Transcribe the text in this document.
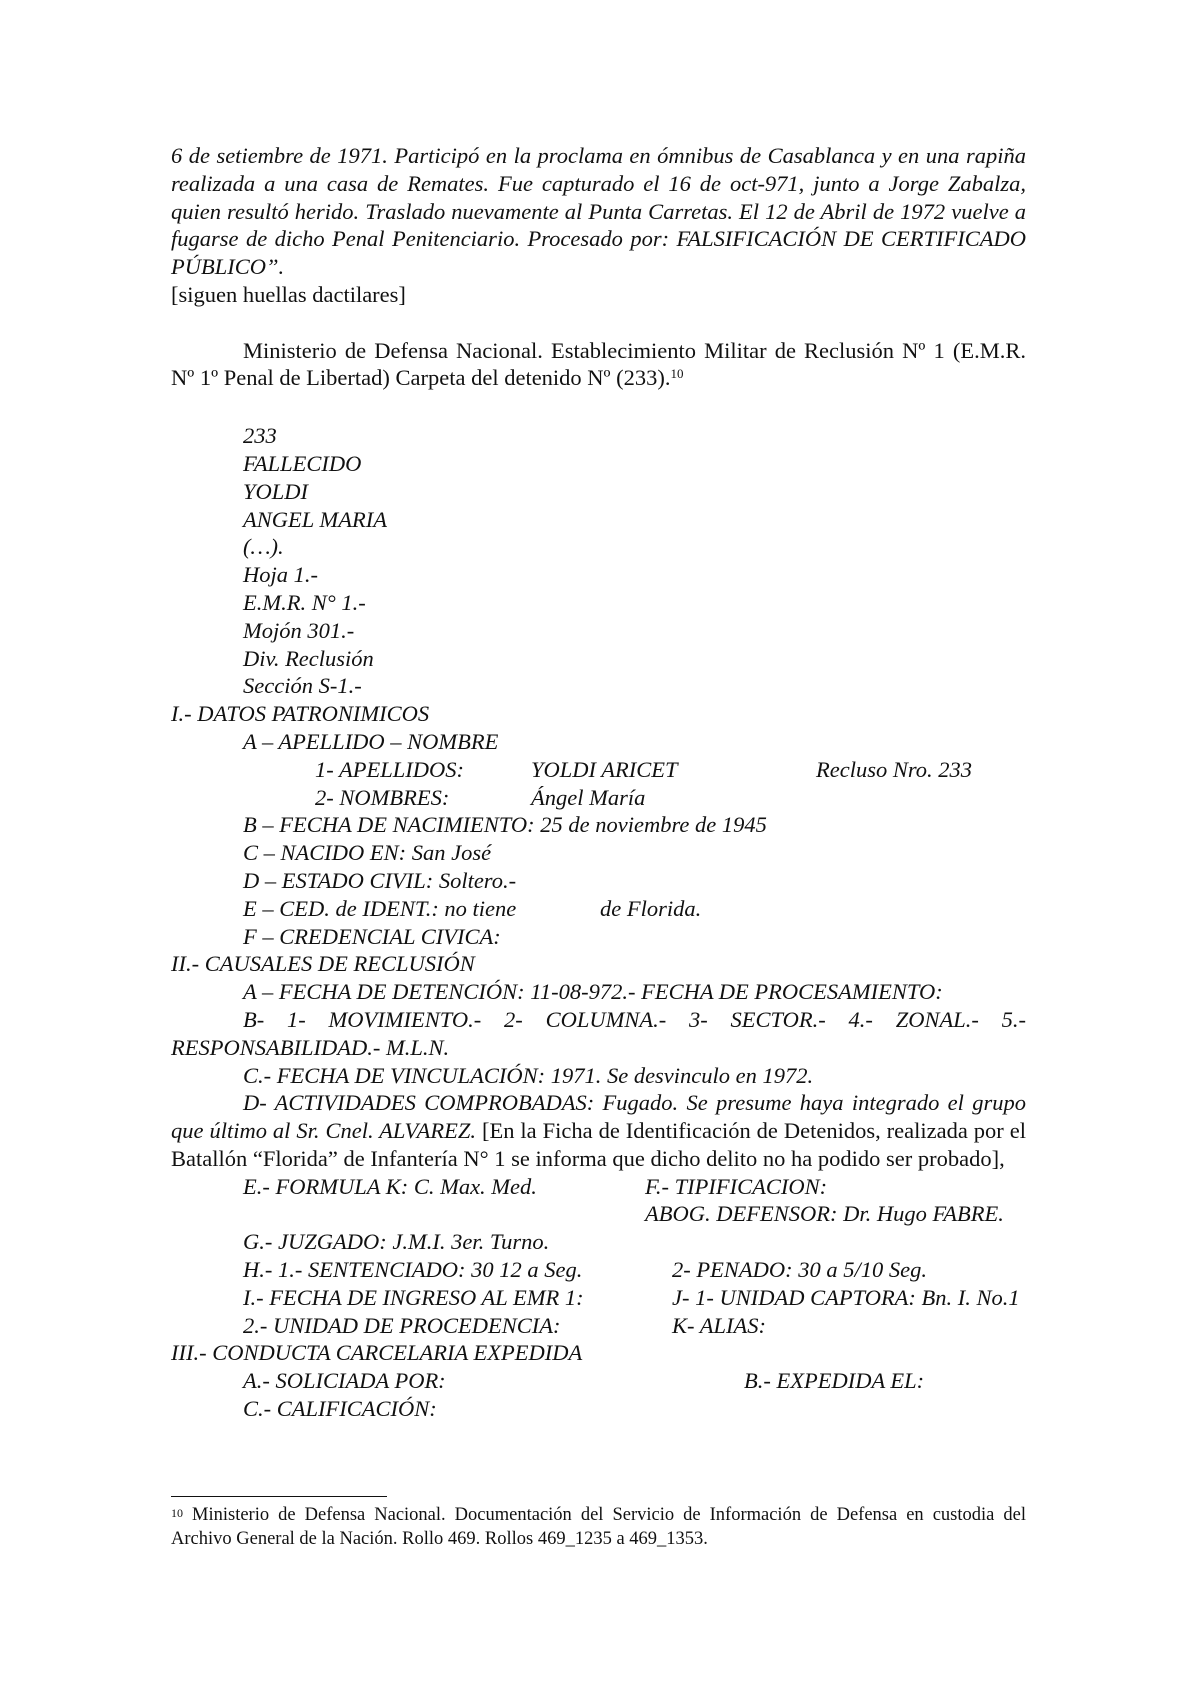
6 de setiembre de 1971. Participó en la proclama en ómnibus de Casablanca y en una rapiña realizada a una casa de Remates. Fue capturado el 16 de oct-971, junto a Jorge Zabalza, quien resultó herido. Traslado nuevamente al Punta Carretas. El 12 de Abril de 1972 vuelve a fugarse de dicho Penal Penitenciario. Procesado por: FALSIFICACIÓN DE CERTIFICADO PÚBLICO”.

[siguen huellas dactilares]

Ministerio de Defensa Nacional. Establecimiento Militar de Reclusión Nº 1 (E.M.R. Nº 1º Penal de Libertad) Carpeta del detenido Nº (233).$^{10}$

233

FALLECIDO

YOLDI

ANGEL MARIA

(…).

Hoja 1.-

E.M.R. N° 1.-

Mojón 301.-

Div. Reclusión

Sección S-1.-

I.- DATOS PATRONIMICOS

A – APELLIDO – NOMBRE

1- APELLIDOS:	YOLDI ARICET	Recluso Nro. 233
2- NOMBRES:	Ángel María

B – FECHA DE NACIMIENTO: 25 de noviembre de 1945

C – NACIDO EN: San José

D – ESTADO CIVIL: Soltero.-

E – CED. de IDENT.: no tiene	de Florida.

F – CREDENCIAL CIVICA:

II.- CAUSALES DE RECLUSIÓN

A – FECHA DE DETENCIÓN: 11-08-972.- FECHA DE PROCESAMIENTO:

B- 1- MOVIMIENTO.- 2- COLUMNA.- 3- SECTOR.- 4.- ZONAL.- 5.- RESPONSABILIDAD.- M.L.N.

C.- FECHA DE VINCULACIÓN: 1971. Se desvinculo en 1972.

D- ACTIVIDADES COMPROBADAS: Fugado. Se presume haya integrado el grupo que último al Sr. Cnel. ALVAREZ. [En la Ficha de Identificación de Detenidos, realizada por el Batallón “Florida” de Infantería N° 1 se informa que dicho delito no ha podido ser probado],

E.- FORMULA K: C. Max. Med.	F.- TIPIFICACION:
ABOG. DEFENSOR: Dr. Hugo FABRE.

G.- JUZGADO: J.M.I. 3er. Turno.

H.- 1.- SENTENCIADO: 30 12 a Seg.	2- PENADO: 30 a 5/10 Seg.
I.- FECHA DE INGRESO AL EMR 1:	J- 1- UNIDAD CAPTORA: Bn. I. No.1
2.- UNIDAD DE PROCEDENCIA:	K- ALIAS:

III.- CONDUCTA CARCELARIA EXPEDIDA

A.- SOLICIADA POR:	B.- EXPEDIDA EL:

C.- CALIFICACIÓN:

$^{10}$ Ministerio de Defensa Nacional. Documentación del Servicio de Información de Defensa en custodia del Archivo General de la Nación. Rollo 469. Rollos 469_1235 a 469_1353.
